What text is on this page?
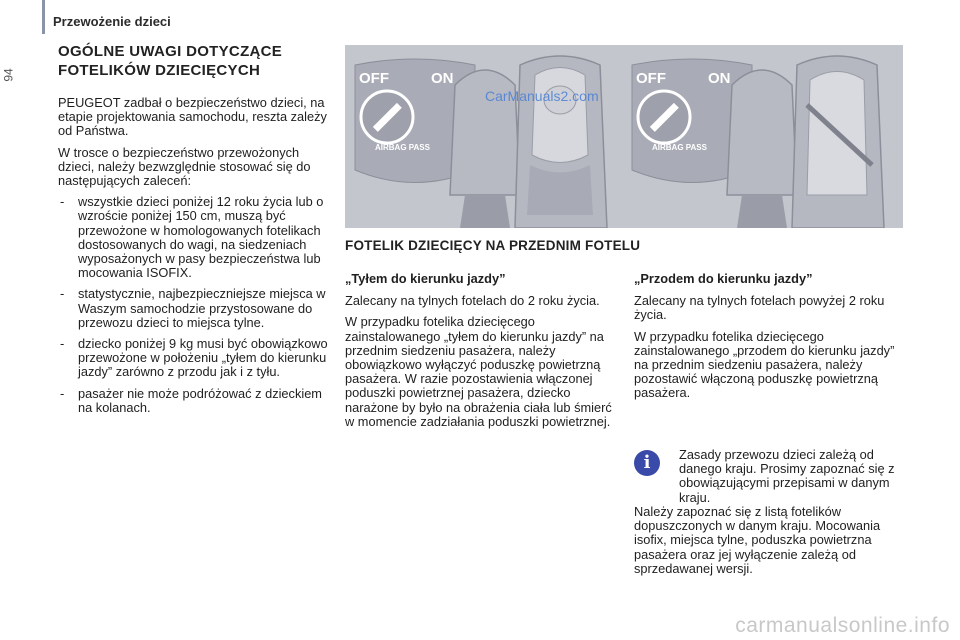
94
Przewożenie dzieci
OGÓLNE UWAGI DOTYCZĄCE FOTELIKÓW DZIECIĘCYCH

PEUGEOT zadbał o bezpieczeństwo dzieci, na etapie projektowania samochodu, reszta zależy od Państwa.

W trosce o bezpieczeństwo przewożonych dzieci, należy bezwzględnie stosować się do następujących zaleceń:

- wszystkie dzieci poniżej 12 roku życia lub o wzroście poniżej 150 cm, muszą być przewożone w homologowanych fotelikach dostosowanych do wagi, na siedzeniach wyposażonych w pasy bezpieczeństwa lub mocowania ISOFIX.
- statystycznie, najbezpieczniejsze miejsca w Waszym samochodzie przystosowane do przewozu dzieci to miejsca tylne.
- dziecko poniżej 9 kg musi być obowiązkowo przewożone w położeniu „tyłem do kierunku jazdy” zarówno z przodu jak i z tyłu.
- pasażer nie może podróżować z dzieckiem na kolanach.
OFF	ON
AIRBAG PASS
CarManuals2.com
OFF	ON
AIRBAG PASS
FOTELIK DZIECIĘCY NA PRZEDNIM FOTELU

„Tyłem do kierunku jazdy”

Zalecany na tylnych fotelach do 2 roku życia.

W przypadku fotelika dziecięcego zainstalowanego „tyłem do kierunku jazdy” na przednim siedzeniu pasażera, należy obowiązkowo wyłączyć poduszkę powietrzną pasażera. W razie pozostawienia włączonej poduszki powietrznej pasażera, dziecko narażone by było na obrażenia ciała lub śmierć w momencie zadziałania poduszki powietrznej.

„Przodem do kierunku jazdy”

Zalecany na tylnych fotelach powyżej 2 roku życia.

W przypadku fotelika dziecięcego zainstalowanego „przodem do kierunku jazdy” na przednim siedzeniu pasażera, należy pozostawić włączoną poduszkę powietrzną pasażera.

i	Zasady przewozu dzieci zależą od danego kraju. Prosimy zapoznać się z obowiązującymi przepisami w danym kraju.

Należy zapoznać się z listą fotelików dopuszczonych w danym kraju. Mocowania isofix, miejsca tylne, poduszka powietrzna pasażera oraz jej wyłączenie zależą od sprzedawanej wersji.

carmanualsonline.info
